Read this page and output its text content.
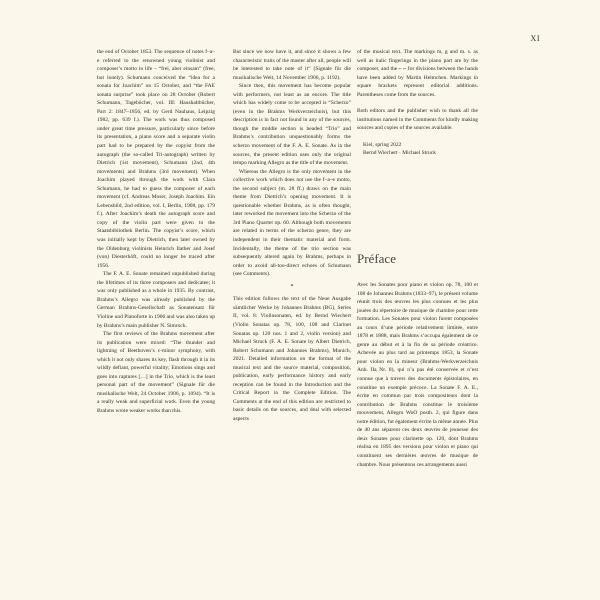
XI

the end of October 1853. The sequence of notes f–a–e referred to the renowned young violinist and composer’s motto in life – “frei, aber einsam” (free, but lonely). Schumann conceived the “idea for a sonata for Joachim” on 15 October, and “the FAE sonata surprise” took place on 28 October (Robert Schumann, Tagebücher, vol. III: Haushaltbücher, Part 2: 1847–1856, ed. by Gerd Nauhaus, Leipzig 1982, pp. 639 f.). The work was thus composed under great time pressure, particularly since before its presentation, a piano score and a separate violin part had to be prepared by the copyist from the autograph (the so-called Tri-autograph) written by Dietrich (1st movement), Schumann (2nd, 4th movements) and Brahms (3rd movement). When Joachim played through the work with Clara Schumann, he had to guess the composer of each movement (cf. Andreas Moser, Joseph Joachim. Ein Lebensbild, 2nd edition, vol. I, Berlin, 1908, pp. 179 f.). After Joachim’s death the autograph score and copy of the violin part were given to the Staatsbibliothek Berlin. The copyist’s score, which was initially kept by Dietrich, then later owned by the Oldenburg violinists Heinrich Ilather and Josef (von) Diesterhöft, could no longer be traced after 1956.

The F. A. E. Sonate remained unpublished during the lifetimes of its three composers and dedicatee; it was only published as a whole in 1935. By contrast, Brahms’s Allegro was already published by the German Brahms-Gesellschaft as Sonatensatz für Violine und Pianoforte in 1906 and was also taken up by Brahms’s main publisher N. Simrock.

The first reviews of the Brahms movement after its publication were mixed: “The thunder and lightning of Beethoven’s c-minor symphony, with which it not only shares its key, flash through it in its wildly defiant, powerful vitality; Emotions sings and goes into raptures […] in the Trio, which is the least personal part of the movement” (Signale für die musikalische Welt, 24 October 1906, p. 1094). “It is a really weak and superficial work. Even the young Brahms wrote weaker works than this.

But since we now have it, and since it shows a few characteristic traits of the master after all, people will be interested to take note of it” (Signale für die musikalische Welt, 14 November 1906, p. 1192).

Since then, this movement has become popular with performers, not least as an encore. The title which has widely come to be accepted is “Scherzo” (even in the Brahms Werkverzeichnis), but this description is in fact not found in any of the sources, though the middle section is headed “Trio” and Brahms’s contribution unquestionably forms the scherzo movement of the F. A. E. Sonate. As in the sources, the present edition uses only the original tempo marking Allegro as the title of the movement.

Whereas the Allegro is the only movement in the collective work which does not use the f–a–e motto, the second subject (m. 28 ff.) draws on the main theme from Dietrich’s opening movement. It is questionable whether Brahms, as is often thought, later reworked the movement into the Scherzo of the 3rd Piano Quartet op. 60. Although both movements are related in terms of the scherzo genre, they are independent in their thematic material and form. Incidentally, the theme of the trio section was subsequently altered again by Brahms, perhaps in order to avoid all-too-direct echoes of Schumann (see Comments).

*

This edition follows the text of the Neue Ausgabe sämtlicher Werke by Johannes Brahms (BG), Series II, vol. 8: Violinsonaten, ed. by Bernd Wiechert (Violin Sonatas op. 78, 100, 108 and Clarinet Sonatas op. 120 nos. 1 and 2, violin version) and Michael Struck (F. A. E. Sonate by Albert Dietrich, Robert Schumann and Johannes Brahms), Munich, 2021. Detailed information on the format of the musical text and the source material, composition, publication, early performance history and early reception can be found in the Introduction and the Critical Report in the Complete Edition. The Comments at the end of this edition are restricted to basic details on the sources, and deal with selected aspects

of the musical text. The markings m, g and m. s. as well as italic fingerings in the piano part are by the composer, and the ⌐ ⌐ for divisions between the hands have been added by Martin Helmchen. Markings in square brackets represent editorial additions. Parentheses come from the sources.

Both editors and the publisher wish to thank all the institutions named in the Comments for kindly making sources and copies of the sources available.

Kiel, spring 2022

Bernd Wiechert · Michael Struck

Préface

Avec les Sonates pour piano et violon op. 78, 100 et 108 de Johannes Brahms (1833–97), le présent volume réunit trois des œuvres les plus connues et les plus jouées du répertoire de musique de chambre pour cette formation. Les Sonates pour violon furent composées au cours d’une période relativement limitée, entre 1878 et 1888, mais Brahms s’occupa également de ce genre au début et à la fin de sa période créatrice. Achevée au plus tard au printemps 1853, la Sonate pour violon en la mineur (Brahms-Werkverzeichnis Anh. IIa Nr. 8), qui n’a pas été conservée et n’est connue que à travers des documents épistolaires, en constitue un exemple précoce. La Sonate F. A. E., écrite en commun par trois compositeurs dont la contribution de Brahms constitue le troisième mouvement, Allegro WoO posth. 2, qui figure dans notre édition, fut également écrite la même année. Plus de 40 ans séparent ces deux œuvres de jeunesse des deux Sonates pour clarinette op. 120, dont Brahms réalisa en 1895 des versions pour violon et piano qui constituent ses dernières œuvres de musique de chambre. Nous présentons ces arrangements aussi
